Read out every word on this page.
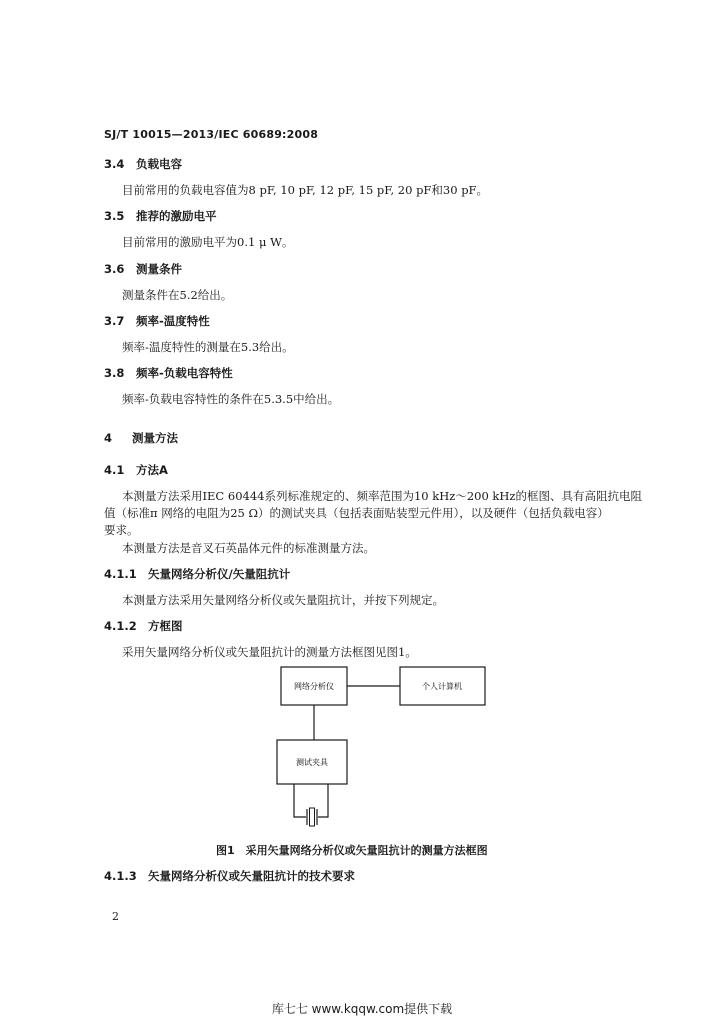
SJ/T 10015—2013/IEC 60689:2008
3.4 负载电容
目前常用的负载电容值为8 pF, 10 pF, 12 pF, 15 pF, 20 pF和30 pF。
3.5 推荐的激励电平
目前常用的激励电平为0.1 μ W。
3.6 测量条件
测量条件在5.2给出。
3.7 频率-温度特性
频率-温度特性的测量在5.3给出。
3.8 频率-负载电容特性
频率-负载电容特性的条件在5.3.5中给出。
4 测量方法
4.1 方法A
本测量方法采用IEC 60444系列标准规定的、频率范围为10 kHz～200 kHz的框图、具有高阻抗电阻
值（标准π 网络的电阻为25 Ω）的测试夹具（包括表面贴装型元件用），以及硬件（包括负载电容）
要求。
本测量方法是音叉石英晶体元件的标准测量方法。
4.1.1 矢量网络分析仪/矢量阻抗计
本测量方法采用矢量网络分析仪或矢量阻抗计，并按下列规定。
4.1.2 方框图
采用矢量网络分析仪或矢量阻抗计的测量方法框图见图1。
网络分析仪	个人计算机
测试夹具
图1　采用矢量网络分析仪或矢量阻抗计的测量方法框图
4.1.3 矢量网络分析仪或矢量阻抗计的技术要求
2
库七七 www.kqqw.com提供下载
